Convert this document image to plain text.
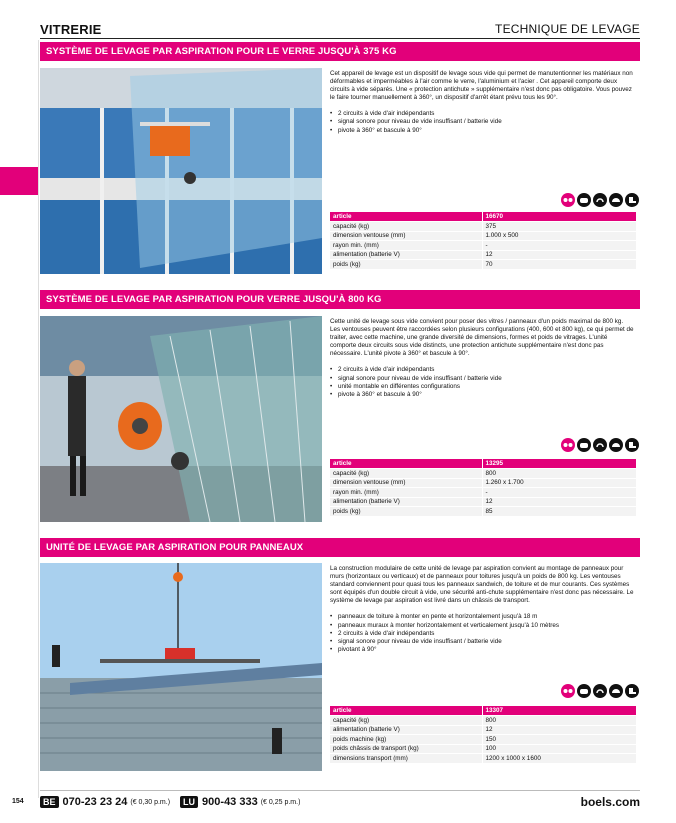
VITRERIE	TECHNIQUE DE LEVAGE
SYSTÈME DE LEVAGE PAR ASPIRATION POUR LE VERRE JUSQU'À 375 KG

Cet appareil de levage est un dispositif de levage sous vide qui permet de manutentionner les matériaux non déformables et imperméables à l'air comme le verre, l'aluminium et l'acier . Cet appareil comporte deux circuits à vide séparés. Une « protection antichute » supplémentaire n'est donc pas obligatoire. Vous pouvez le faire tourner manuellement à 360°, un dispositif d'arrêt étant prévu tous les 90°.

• 2 circuits à vide d'air indépendants
• signal sonore pour niveau de vide insuffisant / batterie vide
• pivote à 360° et bascule à 90°
article	16670
capacité (kg)	375
dimension ventouse (mm)	1.000 x 500
rayon min. (mm)	-
alimentation (batterie V)	12
poids (kg)	70
SYSTÈME DE LEVAGE PAR ASPIRATION POUR VERRE JUSQU'À 800 KG

Cette unité de levage sous vide convient pour poser des vitres / panneaux d'un poids maximal de 800 kg. Les ventouses peuvent être raccordées selon plusieurs configurations (400, 600 et 800 kg), ce qui permet de traiter, avec cette machine, une grande diversité de dimensions, formes et poids de vitrages. L'unité comporte deux circuits sous vide distincts, une protection antichute supplémentaire n'est donc pas nécessaire. L'unité pivote à 360° et bascule à 90°.

• 2 circuits à vide d'air indépendants
• signal sonore pour niveau de vide insuffisant / batterie vide
• unité montable en différentes configurations
• pivote à 360° et bascule à 90°
article	13295
capacité (kg)	800
dimension ventouse (mm)	1.260 x 1.700
rayon min. (mm)	-
alimentation (batterie V)	12
poids (kg)	85
UNITÉ DE LEVAGE PAR ASPIRATION POUR PANNEAUX

La construction modulaire de cette unité de levage par aspiration convient au montage de panneaux pour murs (horizontaux ou verticaux) et de panneaux pour toitures jusqu'à un poids de 800 kg. Les ventouses standard conviennent pour quasi tous les panneaux sandwich, de toiture et de mur courants. Ces systèmes sont équipés d'un double circuit à vide, une sécurité anti-chute supplémentaire n'est donc pas nécessaire. Le système de levage par aspiration est livré dans un châssis de transport.

• panneaux de toiture à monter en pente et horizontalement jusqu'à 18 m
• panneaux muraux à monter horizontalement et verticalement jusqu'à 10 mètres
• 2 circuits à vide d'air indépendants
• signal sonore pour niveau de vide insuffisant / batterie vide
• pivotant à 90°
article	13307
capacité (kg)	800
alimentation (batterie V)	12
poids machine (kg)	150
poids châssis de transport (kg)	100
dimensions transport (mm)	1200 x 1000 x 1600
154	BE 070-23 23 24 (€ 0,30 p.m.)	LU 900-43 333 (€ 0,25 p.m.)	boels.com
